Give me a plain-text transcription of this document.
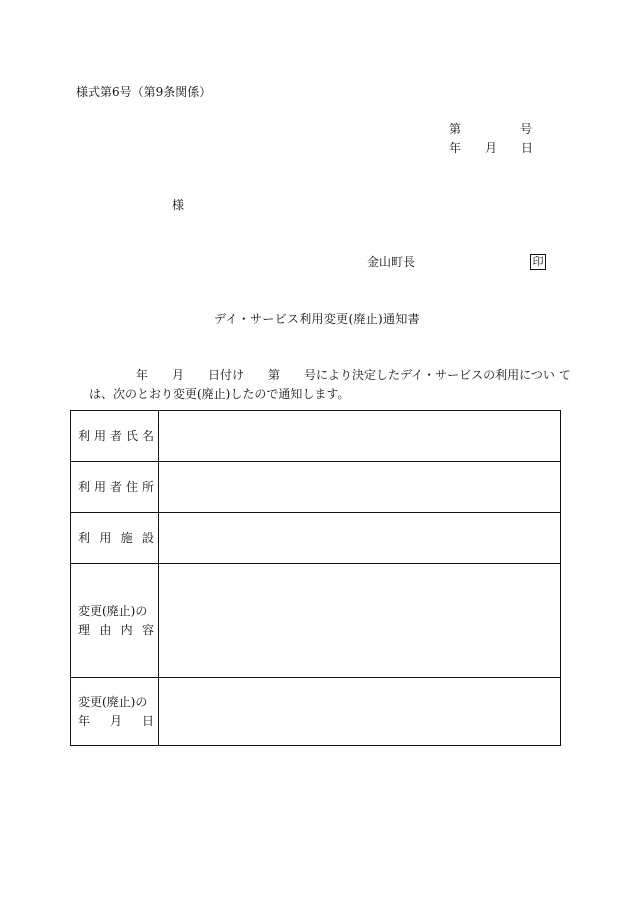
様式第6号（第9条関係）
第	号
年 月 日
様
金山町長	印
デイ・サービス利用変更(廃止)通知書
年 月 日付け 第 号により決定したデイ・サービスの利用につい て
は、次のとおり変更(廃止)したので通知します。
利 用 者 氏 名	

利 用 者 住 所	

利 用 施 設	

変更(廃止)の
理 由 内 容	

変更(廃止)の
年 月 日	
